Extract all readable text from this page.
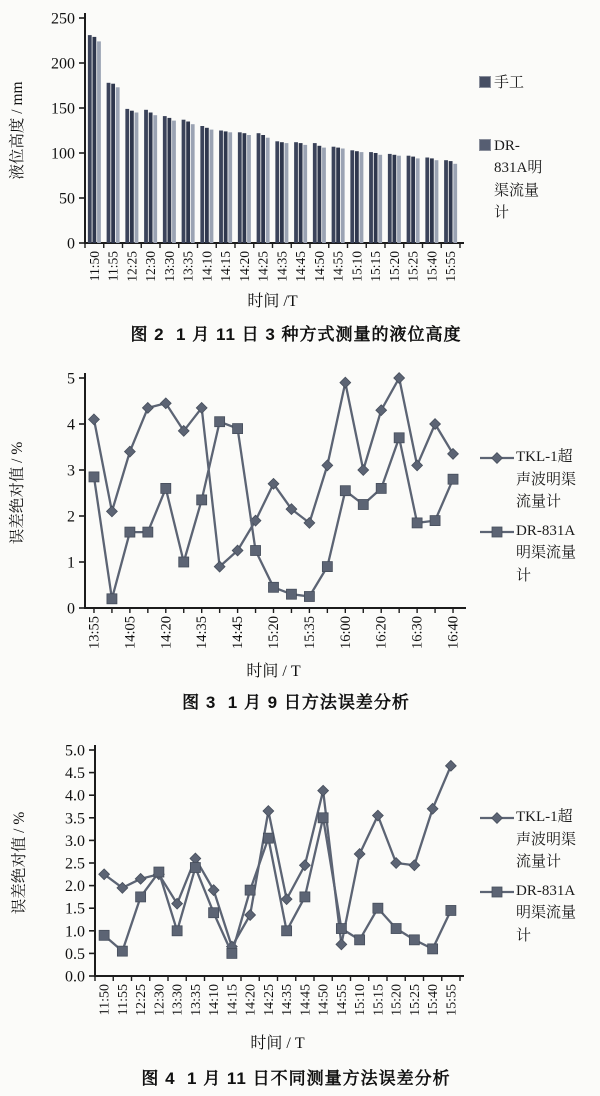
0
50
100
150
200
250
液位高度 / mm
时间 /T
11:50 11:55 12:25 12:30 13:30 13:35 14:10 14:15 14:20 14:25 14:35 14:45 14:50 14:55 15:10 15:15 15:20 15:25 15:40 15:55
手工
DR-831A明渠流量计
图 2  1 月 11 日 3 种方式测量的液位高度
0
1
2
3
4
5
误差绝对值 / %
时间 / T
13:55 14:05 14:20 14:35 14:45 15:20 15:35 16:00 16:20 16:30 16:40
TKL-1超声波明渠流量计
DR-831A明渠流量计
图 3  1 月 9 日方法误差分析
0.0
0.5
1.0
1.5
2.0
2.5
3.0
3.5
4.0
4.5
5.0
误差绝对值 / %
时间 / T
11:50 11:55 12:25 12:30 13:30 13:35 14:10 14:15 14:20 14:25 14:35 14:45 14:50 14:55 15:10 15:15 15:20 15:25 15:40 15:55
TKL-1超声波明渠流量计
DR-831A明渠流量计
图 4  1 月 11 日不同测量方法误差分析
